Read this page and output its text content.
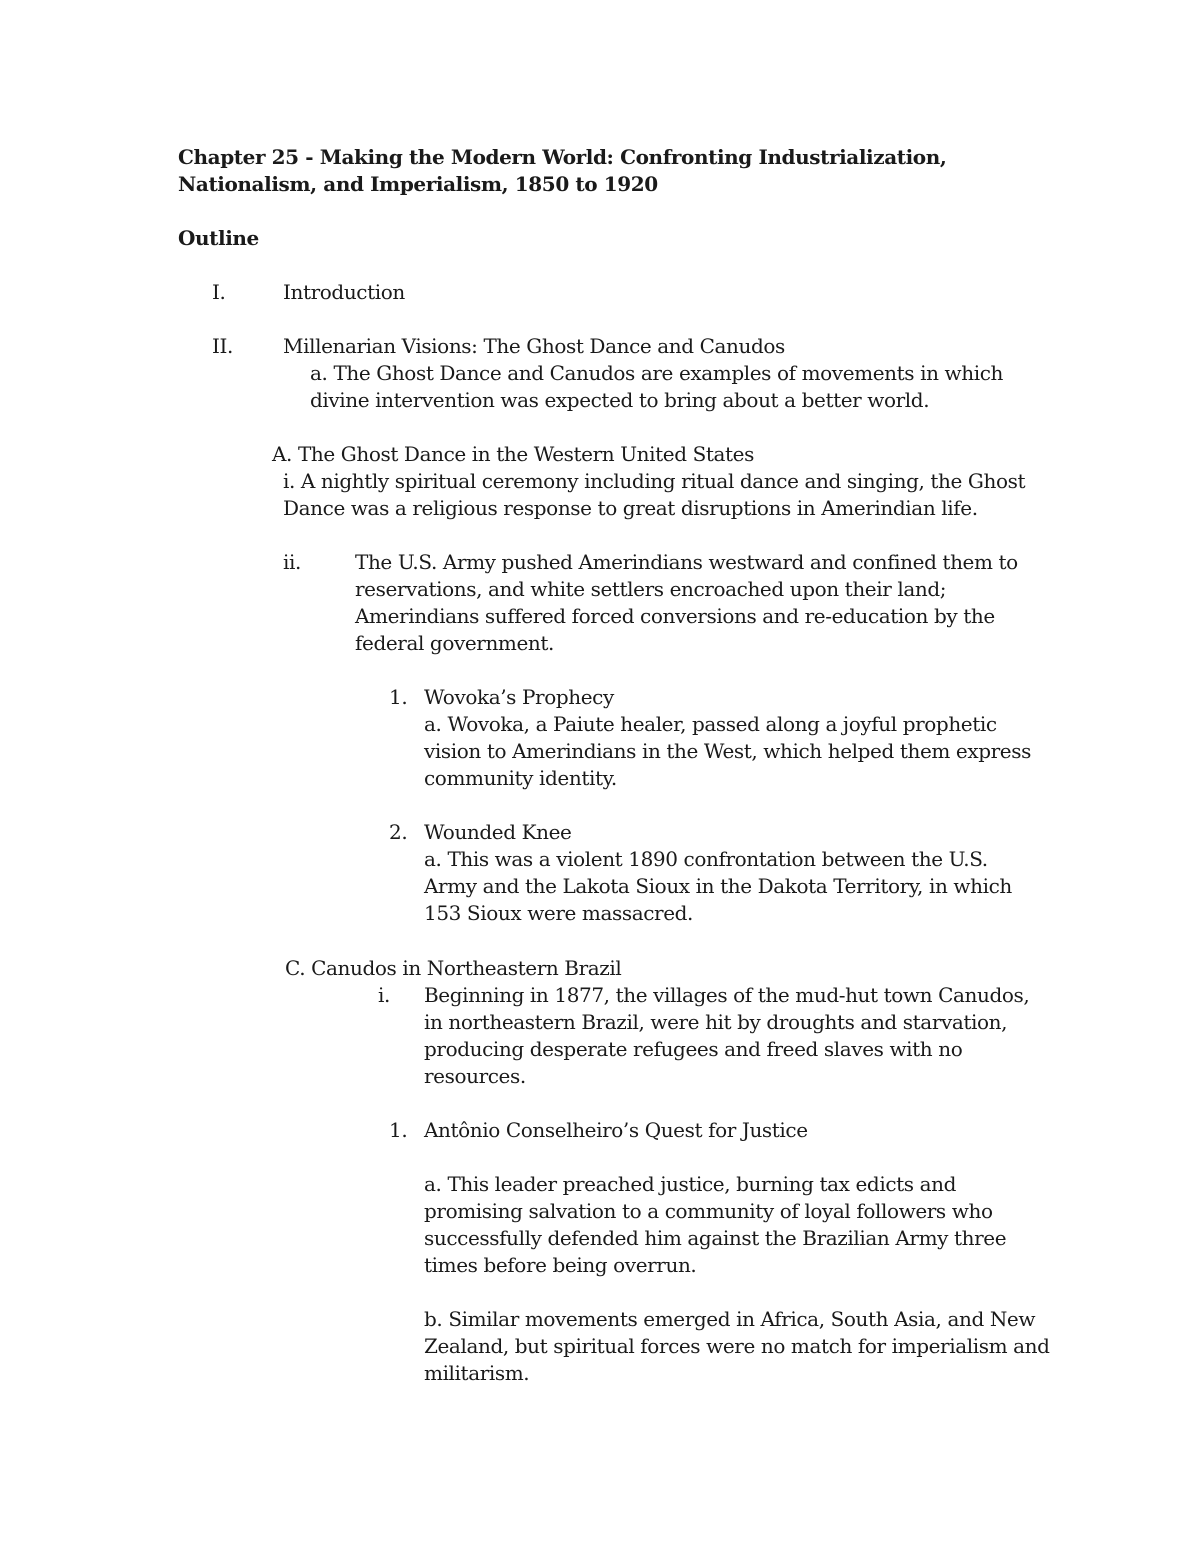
Chapter 25 - Making the Modern World: Confronting Industrialization,
Nationalism, and Imperialism, 1850 to 1920
Outline
I.	Introduction
II.	Millenarian Visions: The Ghost Dance and Canudos
a. The Ghost Dance and Canudos are examples of movements in which
divine intervention was expected to bring about a better world.
A. The Ghost Dance in the Western United States
i. A nightly spiritual ceremony including ritual dance and singing, the Ghost
Dance was a religious response to great disruptions in Amerindian life.
ii.	The U.S. Army pushed Amerindians westward and confined them to
reservations, and white settlers encroached upon their land;
Amerindians suffered forced conversions and re-education by the
federal government.
1. Wovoka’s Prophecy
a. Wovoka, a Paiute healer, passed along a joyful prophetic
vision to Amerindians in the West, which helped them express
community identity.
2. Wounded Knee
a. This was a violent 1890 confrontation between the U.S.
Army and the Lakota Sioux in the Dakota Territory, in which
153 Sioux were massacred.
C. Canudos in Northeastern Brazil
i. Beginning in 1877, the villages of the mud-hut town Canudos,
in northeastern Brazil, were hit by droughts and starvation,
producing desperate refugees and freed slaves with no
resources.
1. Antônio Conselheiro’s Quest for Justice
a. This leader preached justice, burning tax edicts and
promising salvation to a community of loyal followers who
successfully defended him against the Brazilian Army three
times before being overrun.
b. Similar movements emerged in Africa, South Asia, and New
Zealand, but spiritual forces were no match for imperialism and
militarism.
